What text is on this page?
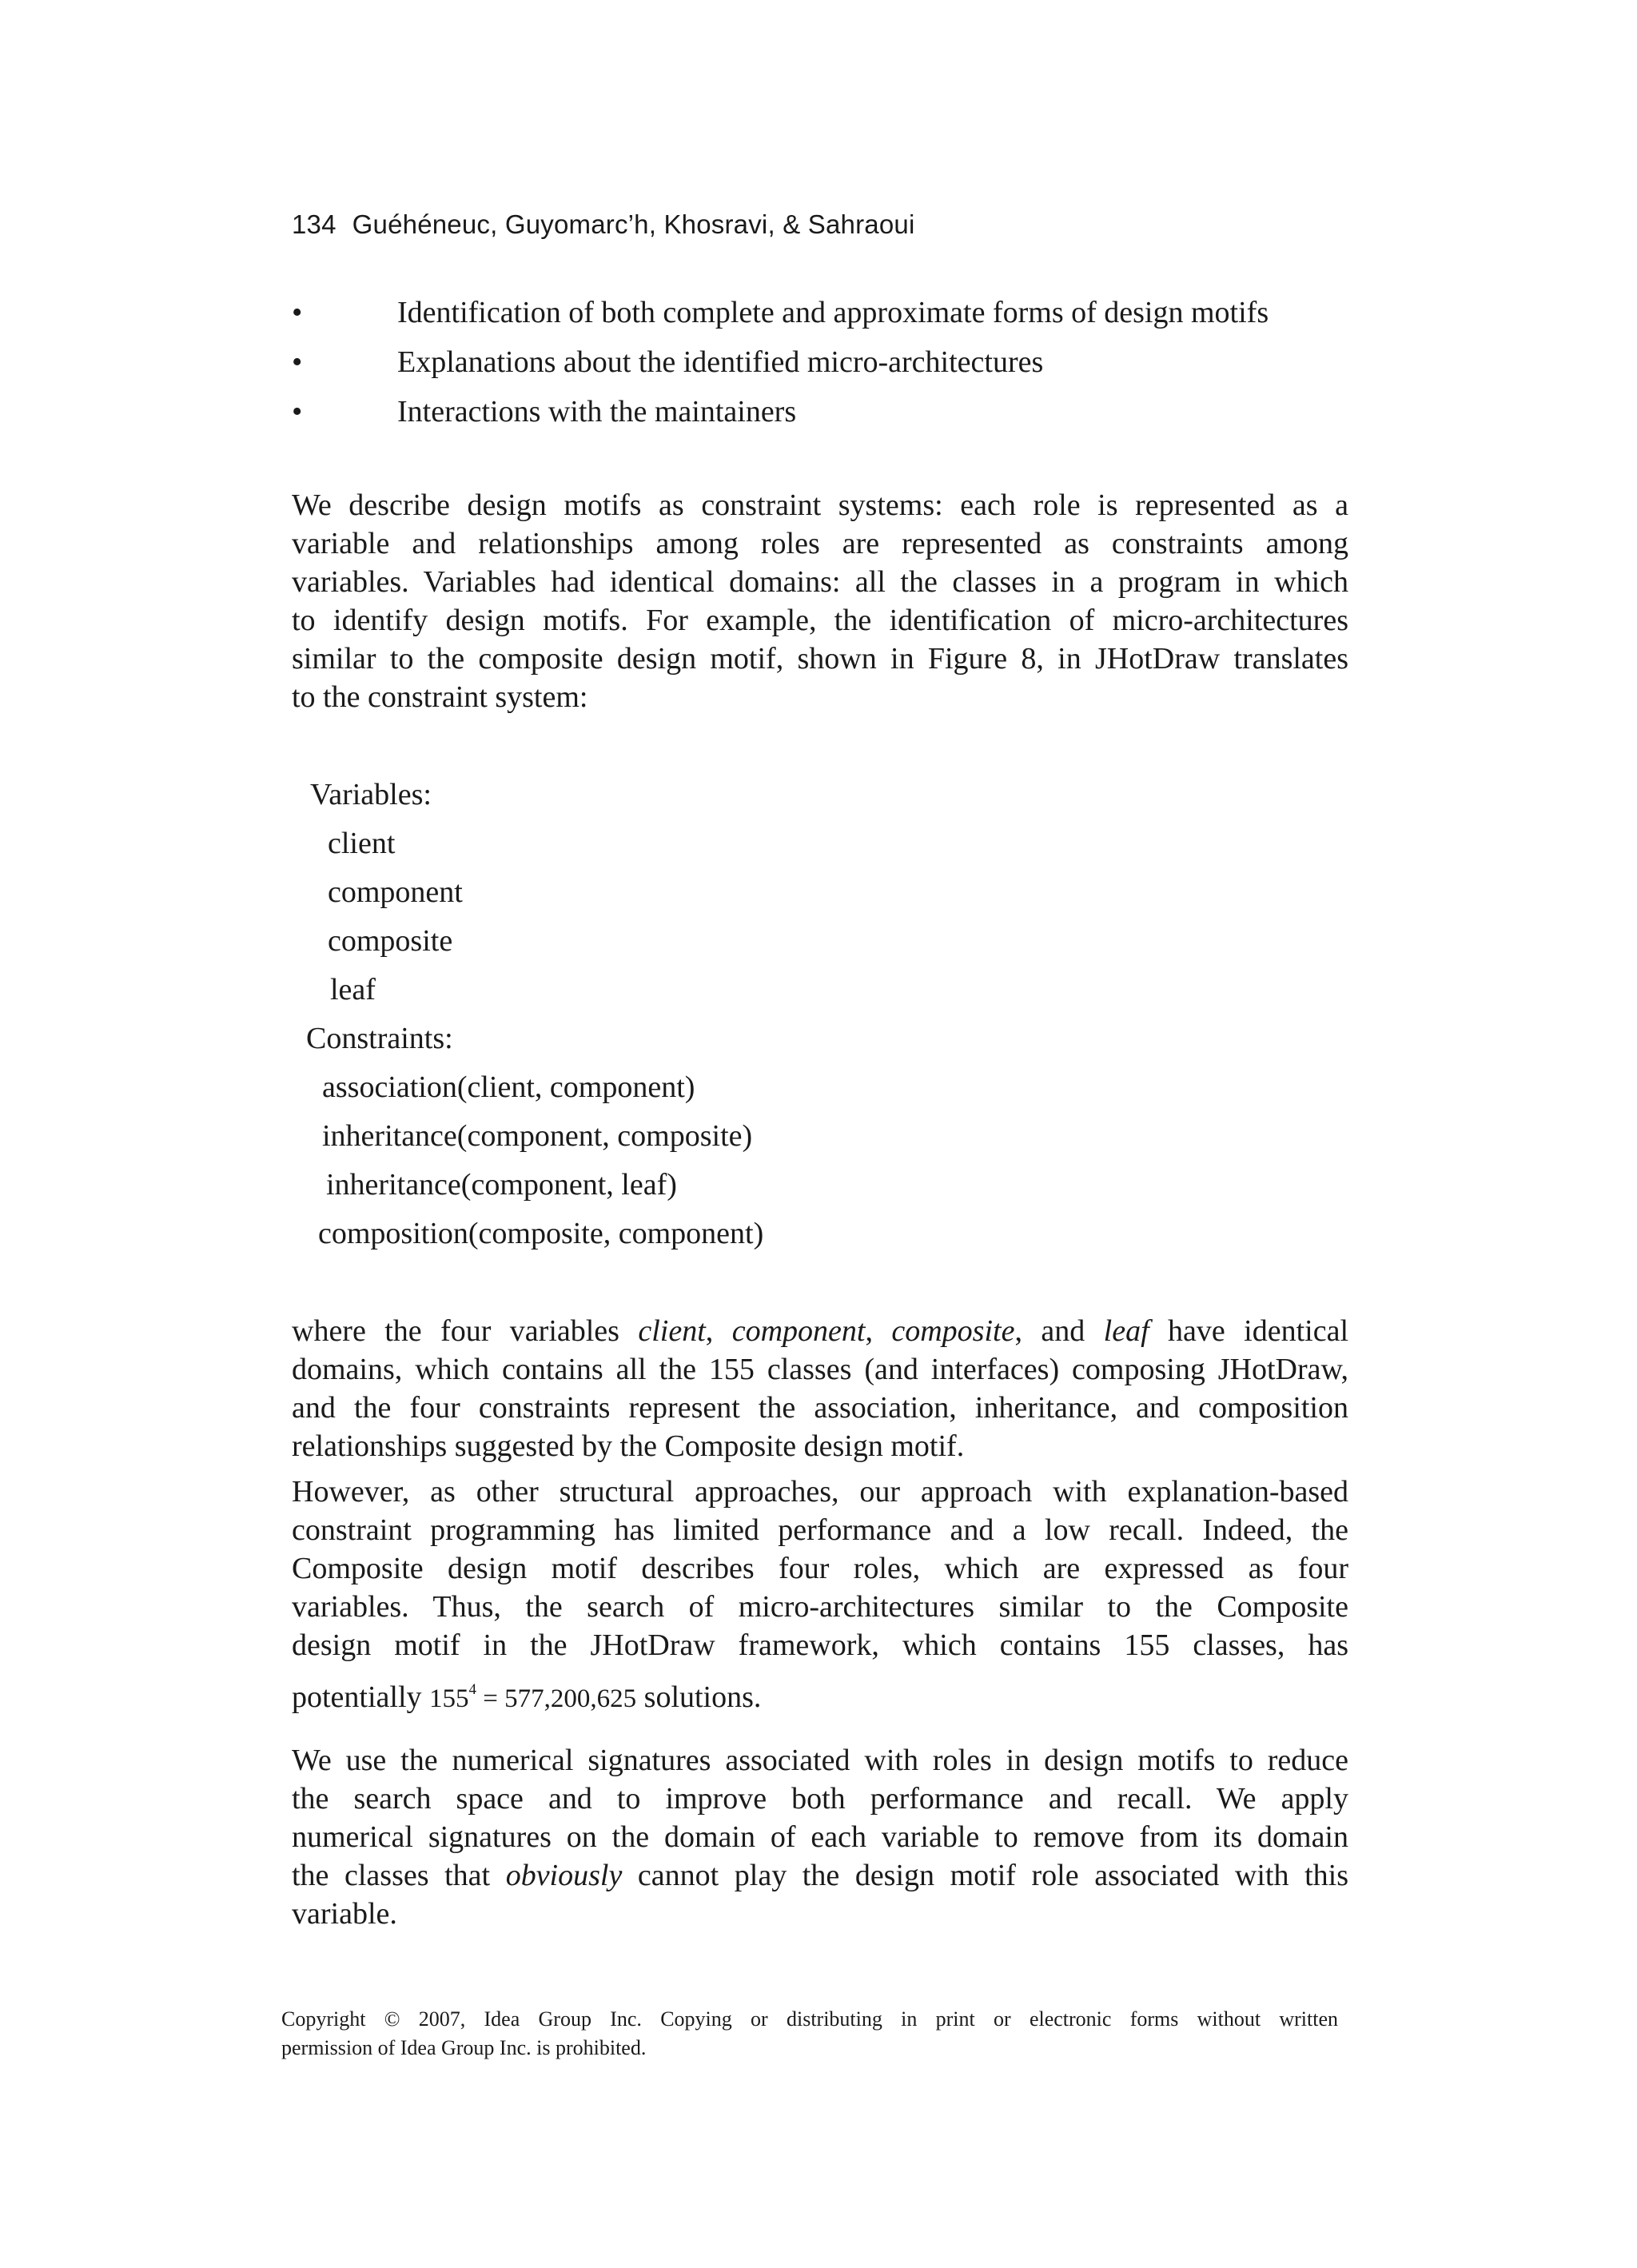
134 Guéhéneuc, Guyomarc’h, Khosravi, & Sahraoui
•	Identification of both complete and approximate forms of design motifs
•	Explanations about the identified micro-architectures
•	Interactions with the maintainers
We describe design motifs as constraint systems: each role is represented as a
variable and relationships among roles are represented as constraints among
variables. Variables had identical domains: all the classes in a program in which
to identify design motifs. For example, the identification of micro-architectures
similar to the composite design motif, shown in Figure 8, in JHotDraw translates
to the constraint system:
Variables:
client
component
composite
leaf
Constraints:
association(client, component)
inheritance(component, composite)
inheritance(component, leaf)
composition(composite, component)
where the four variables client, component, composite, and leaf have identical
domains, which contains all the 155 classes (and interfaces) composing JHotDraw,
and the four constraints represent the association, inheritance, and composition
relationships suggested by the Composite design motif.
However, as other structural approaches, our approach with explanation-based
constraint programming has limited performance and a low recall. Indeed, the
Composite design motif describes four roles, which are expressed as four
variables. Thus, the search of micro-architectures similar to the Composite
design motif in the JHotDraw framework, which contains 155 classes, has
potentially $155^4 = 577,200,625$ solutions.
We use the numerical signatures associated with roles in design motifs to reduce
the search space and to improve both performance and recall. We apply
numerical signatures on the domain of each variable to remove from its domain
the classes that obviously cannot play the design motif role associated with this
variable.
Copyright © 2007, Idea Group Inc. Copying or distributing in print or electronic forms without written
permission of Idea Group Inc. is prohibited.
